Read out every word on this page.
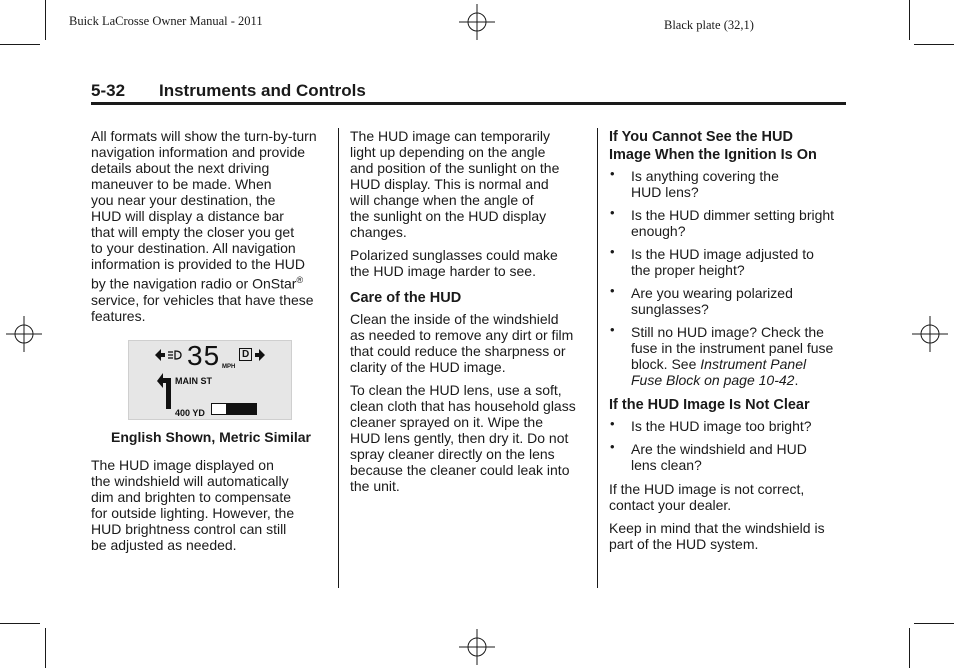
Buick LaCrosse Owner Manual - 2011	Black plate (32,1)
5-32 Instruments and Controls

All formats will show the turn-by-turn
navigation information and provide
details about the next driving
maneuver to be made. When
you near your destination, the
HUD will display a distance bar
that will empty the closer you get
to your destination. All navigation
information is provided to the HUD
by the navigation radio or OnStar®
service, for vehicles that have these
features.

35 MPH
D
MAIN ST
400 YD

English Shown, Metric Similar

The HUD image displayed on
the windshield will automatically
dim and brighten to compensate
for outside lighting. However, the
HUD brightness control can still
be adjusted as needed.

The HUD image can temporarily
light up depending on the angle
and position of the sunlight on the
HUD display. This is normal and
will change when the angle of
the sunlight on the HUD display
changes.

Polarized sunglasses could make
the HUD image harder to see.

Care of the HUD

Clean the inside of the windshield
as needed to remove any dirt or film
that could reduce the sharpness or
clarity of the HUD image.

To clean the HUD lens, use a soft,
clean cloth that has household glass
cleaner sprayed on it. Wipe the
HUD lens gently, then dry it. Do not
spray cleaner directly on the lens
because the cleaner could leak into
the unit.

If You Cannot See the HUD
Image When the Ignition Is On
• Is anything covering the
HUD lens?
• Is the HUD dimmer setting bright
enough?
• Is the HUD image adjusted to
the proper height?
• Are you wearing polarized
sunglasses?
• Still no HUD image? Check the
fuse in the instrument panel fuse
block. See Instrument Panel
Fuse Block on page 10-42.
If the HUD Image Is Not Clear
• Is the HUD image too bright?
• Are the windshield and HUD
lens clean?

If the HUD image is not correct,
contact your dealer.

Keep in mind that the windshield is
part of the HUD system.
